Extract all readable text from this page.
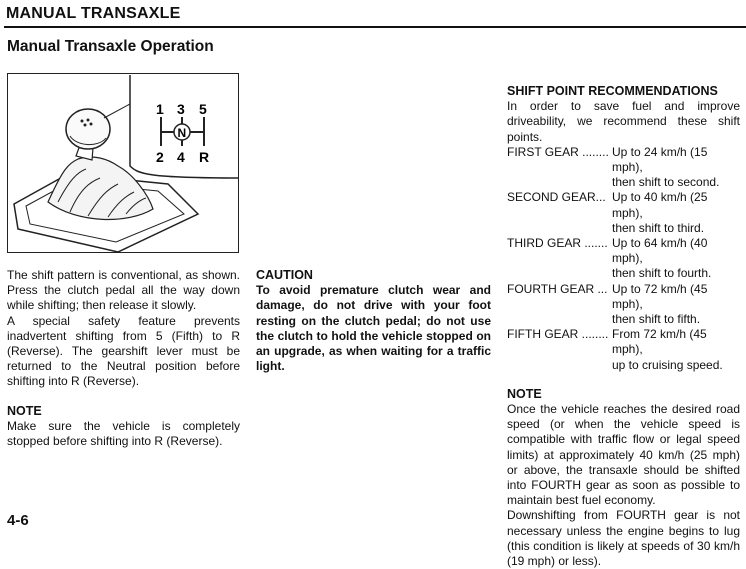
MANUAL TRANSAXLE
Manual Transaxle Operation
1 3 5
N
2 4 R

The shift pattern is conventional, as shown. Press the clutch pedal all the way down while shifting; then release it slowly.

A special safety feature prevents inadvertent shifting from 5 (Fifth) to R (Reverse). The gearshift lever must be returned to the Neutral position before shifting into R (Reverse).

NOTE

Make sure the vehicle is completely stopped before shifting into R (Reverse).

CAUTION

To avoid premature clutch wear and damage, do not drive with your foot resting on the clutch pedal; do not use the clutch to hold the vehicle stopped on an upgrade, as when waiting for a traffic light.

SHIFT POINT RECOMMENDATIONS

In order to save fuel and improve driveability, we recommend these shift points.

FIRST GEAR ........ Up to 24 km/h (15 mph),

then shift to second.

SECOND GEAR... Up to 40 km/h (25 mph),

then shift to third.

THIRD GEAR ....... Up to 64 km/h (40 mph),

then shift to fourth.

FOURTH GEAR ... Up to 72 km/h (45 mph),

then shift to fifth.

FIFTH GEAR ........ From 72 km/h (45 mph),

up to cruising speed.

NOTE

Once the vehicle reaches the desired road speed (or when the vehicle speed is compatible with traffic flow or legal speed limits) at approximately 40 km/h (25 mph) or above, the transaxle should be shifted into FOURTH gear as soon as possible to maintain best fuel economy.

Downshifting from FOURTH gear is not necessary unless the engine begins to lug (this condition is likely at speeds of 30 km/h (19 mph) or less).

4-6
